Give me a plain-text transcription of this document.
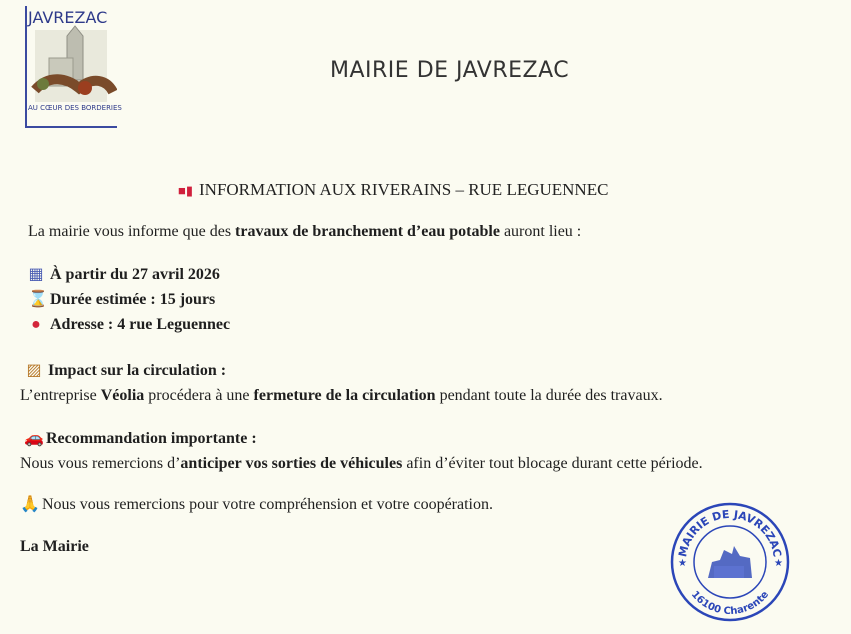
JAVREZAC
AU CŒUR DES BORDERIES
MAIRIE DE JAVREZAC
■▮ INFORMATION AUX RIVERAINS – RUE LEGUENNEC
La mairie vous informe que des travaux de branchement d’eau potable auront lieu :
▦ À partir du 27 avril 2026
⌛ Durée estimée : 15 jours
● Adresse : 4 rue Leguennec
▨ Impact sur la circulation :
L’entreprise Véolia procédera à une fermeture de la circulation pendant toute la durée des travaux.
🚗 Recommandation importante :
Nous vous remercions d’anticiper vos sorties de véhicules afin d’éviter tout blocage durant cette période.
🙏 Nous vous remercions pour votre compréhension et votre coopération.
La Mairie	MAIRIE DE JAVREZAC
16100 Charente
★	★
